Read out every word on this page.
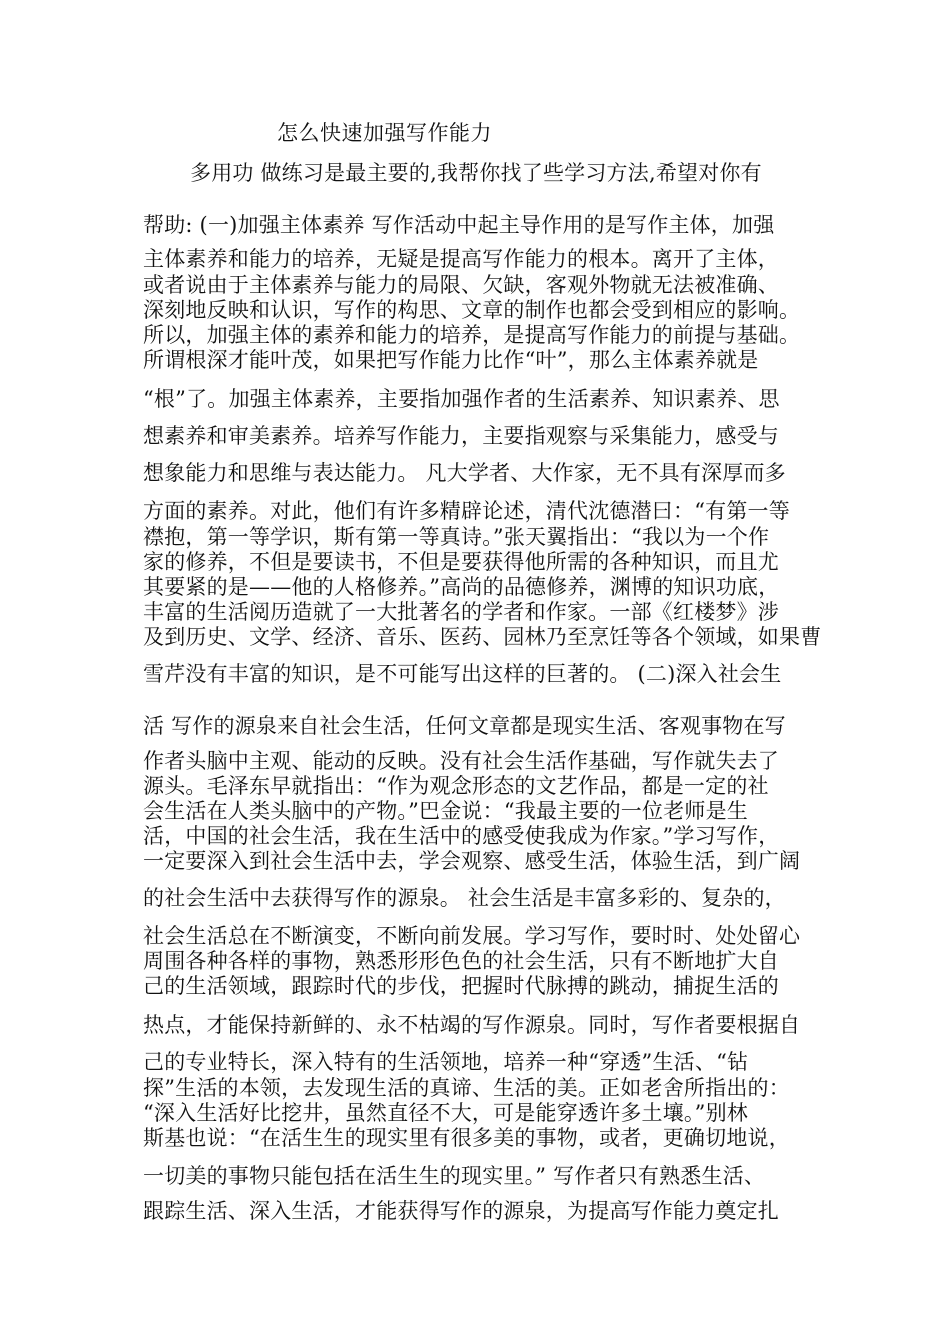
怎么快速加强写作能力
多用功 做练习是最主要的,我帮你找了些学习方法,希望对你有
帮助: (一)加强主体素养 写作活动中起主导作用的是写作主体，加强
主体素养和能力的培养，无疑是提高写作能力的根本。离开了主体，
或者说由于主体素养与能力的局限、欠缺，客观外物就无法被准确、
深刻地反映和认识，写作的构思、文章的制作也都会受到相应的影响。
所以，加强主体的素养和能力的培养，是提高写作能力的前提与基础。
所谓根深才能叶茂，如果把写作能力比作“叶”，那么主体素养就是
“根”了。加强主体素养，主要指加强作者的生活素养、知识素养、思
想素养和审美素养。培养写作能力，主要指观察与采集能力，感受与
想象能力和思维与表达能力。 凡大学者、大作家，无不具有深厚而多
方面的素养。对此，他们有许多精辟论述，清代沈德潜曰：“有第一等
襟抱，第一等学识，斯有第一等真诗。”张天翼指出：“我以为一个作
家的修养，不但是要读书，不但是要获得他所需的各种知识，而且尤
其要紧的是——他的人格修养。”高尚的品德修养，渊博的知识功底，
丰富的生活阅历造就了一大批著名的学者和作家。一部《红楼梦》涉
及到历史、文学、经济、音乐、医药、园林乃至烹饪等各个领域，如果曹
雪芹没有丰富的知识，是不可能写出这样的巨著的。 (二)深入社会生
活 写作的源泉来自社会生活，任何文章都是现实生活、客观事物在写
作者头脑中主观、能动的反映。没有社会生活作基础，写作就失去了
源头。毛泽东早就指出：“作为观念形态的文艺作品，都是一定的社
会生活在人类头脑中的产物。”巴金说：“我最主要的一位老师是生
活，中国的社会生活，我在生活中的感受使我成为作家。”学习写作，
一定要深入到社会生活中去，学会观察、感受生活，体验生活，到广阔
的社会生活中去获得写作的源泉。 社会生活是丰富多彩的、复杂的，
社会生活总在不断演变，不断向前发展。学习写作，要时时、处处留心
周围各种各样的事物，熟悉形形色色的社会生活，只有不断地扩大自
己的生活领域，跟踪时代的步伐，把握时代脉搏的跳动，捕捉生活的
热点，才能保持新鲜的、永不枯竭的写作源泉。同时，写作者要根据自
己的专业特长，深入特有的生活领地，培养一种“穿透”生活、“钻
探”生活的本领，去发现生活的真谛、生活的美。正如老舍所指出的：
“深入生活好比挖井，虽然直径不大，可是能穿透许多土壤。”别林
斯基也说：“在活生生的现实里有很多美的事物，或者，更确切地说，
一切美的事物只能包括在活生生的现实里。” 写作者只有熟悉生活、
跟踪生活、深入生活，才能获得写作的源泉，为提高写作能力奠定扎
